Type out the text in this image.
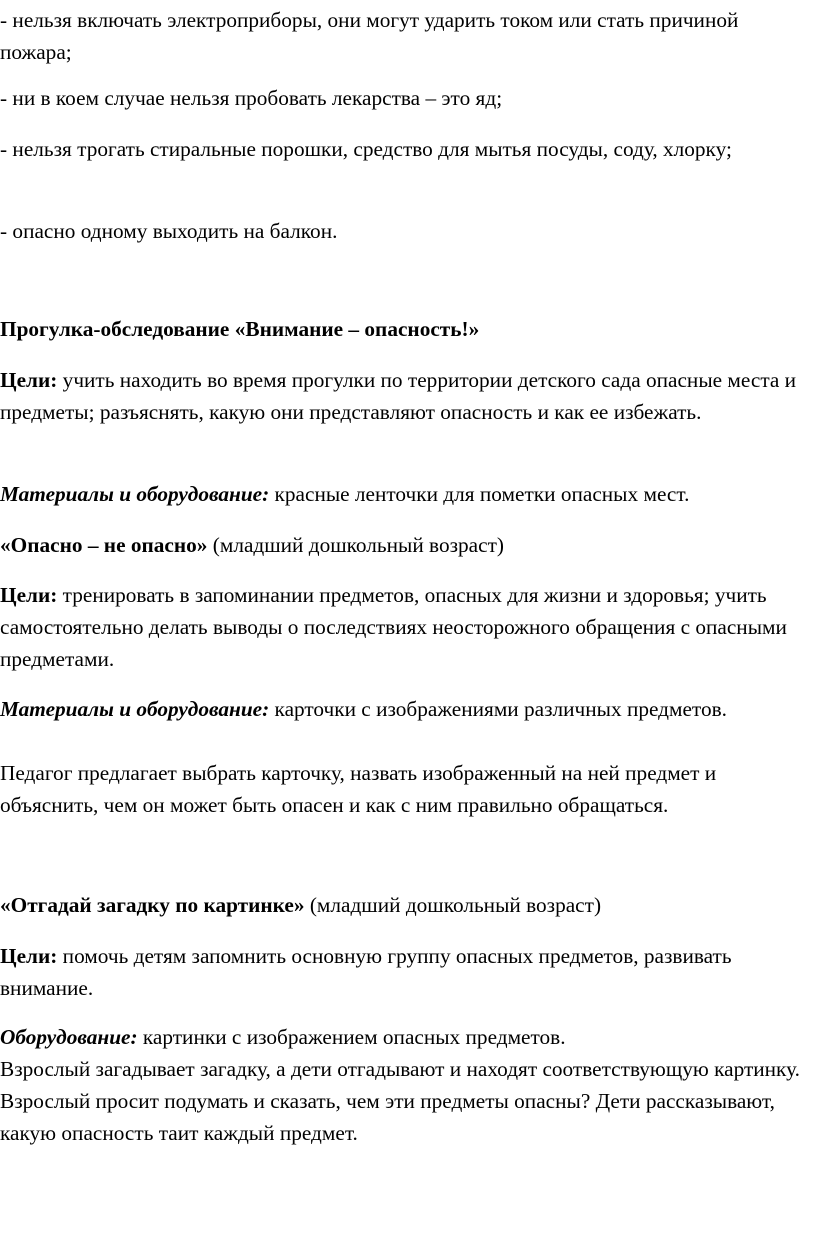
- нельзя включать электроприборы, они могут ударить током или стать причиной пожара;

- ни в коем случае нельзя пробовать лекарства – это яд;

- нельзя трогать стиральные порошки, средство для мытья посуды, соду, хлорку;

- опасно одному выходить на балкон.

Прогулка-обследование «Внимание – опасность!»

Цели: учить находить во время прогулки по территории детского сада опасные места и предметы; разъяснять, какую они представляют опасность и как ее избежать.

Материалы и оборудование: красные ленточки для пометки опасных мест.

«Опасно – не опасно» (младший дошкольный возраст)

Цели: тренировать в запоминании предметов, опасных для жизни и здоровья; учить самостоятельно делать выводы о последствиях неосторожного обращения с опасными предметами.

Материалы и оборудование: карточки с изображениями различных предметов.

Педагог предлагает выбрать карточку, назвать изображенный на ней предмет и объяснить, чем он может быть опасен и как с ним правильно обращаться.

«Отгадай загадку по картинке» (младший дошкольный возраст)

Цели: помочь детям запомнить основную группу опасных предметов, развивать внимание.

Оборудование: картинки с изображением опасных предметов.

Взрослый загадывает загадку, а дети отгадывают и находят соответствующую картинку. Взрослый просит подумать и сказать, чем эти предметы опасны? Дети рассказывают, какую опасность таит каждый предмет.
